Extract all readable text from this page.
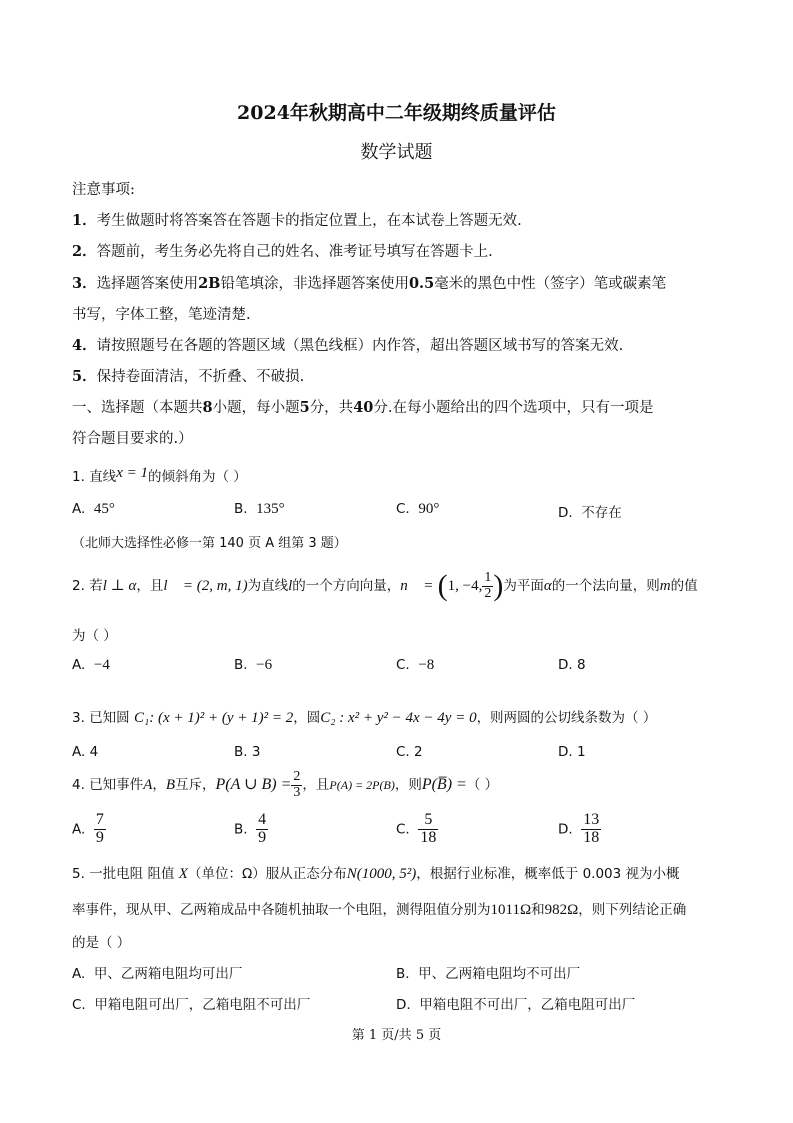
2024年秋期高中二年级期终质量评估
数学试题
注意事项:
1．考生做题时将答案答在答题卡的指定位置上，在本试卷上答题无效.
2．答题前，考生务必先将自己的姓名、准考证号填写在答题卡上.
3．选择题答案使用2B铅笔填涂，非选择题答案使用0.5毫米的黑色中性（签字）笔或碳素笔
书写，字体工整，笔迹清楚.
4．请按照题号在各题的答题区域（黑色线框）内作答，超出答题区域书写的答案无效.
5．保持卷面清洁，不折叠、不破损.
一、选择题（本题共8小题，每小题5分，共40分.在每小题给出的四个选项中，只有一项是
符合题目要求的.）
1. 直线x = 1的倾斜角为（ ）
A. 45°	B. 135°	C. 90°	D. 不存在
（北师大选择性必修一第 140 页 A 组第 3 题）
2. 若l ⊥ α，且l⃗ = (2, m, 1)为直线l的一个方向向量，n⃗ = (1, −4, $\frac{1}{2}$ )为平面α的一个法向量，则m的值
为（ ）
A. −4	B. −6	C. −8	D. 8
3. 已知圆 C₁: (x + 1)² + (y + 1)² = 2，圆C₂ : x² + y² − 4x − 4y = 0，则两圆的公切线条数为（ ）
A. 4	B. 3	C. 2	D. 1
4. 已知事件A，B互斥，P(A ∪ $B) = \frac{2}{3}$ ，且P(A) = 2P(B)，则P(B̅) =（ ）
A. $\frac{7}{9}$	B. $\frac{4}{9}$	C. $\frac{5}{18}$	D. $\frac{13}{18}$
5. 一批电阻 阻值 X（单位：Ω）服从正态分布N(1000, 5²)，根据行业标准，概率低于 0.003 视为小概
率事件，现从甲、乙两箱成品中各随机抽取一个电阻，测得阻值分别为1011Ω和982Ω，则下列结论正确
的是（ ）
A. 甲、乙两箱电阻均可出厂	B. 甲、乙两箱电阻均不可出厂
C. 甲箱电阻可出厂，乙箱电阻不可出厂	D. 甲箱电阻不可出厂，乙箱电阻可出厂
第 1 页/共 5 页
